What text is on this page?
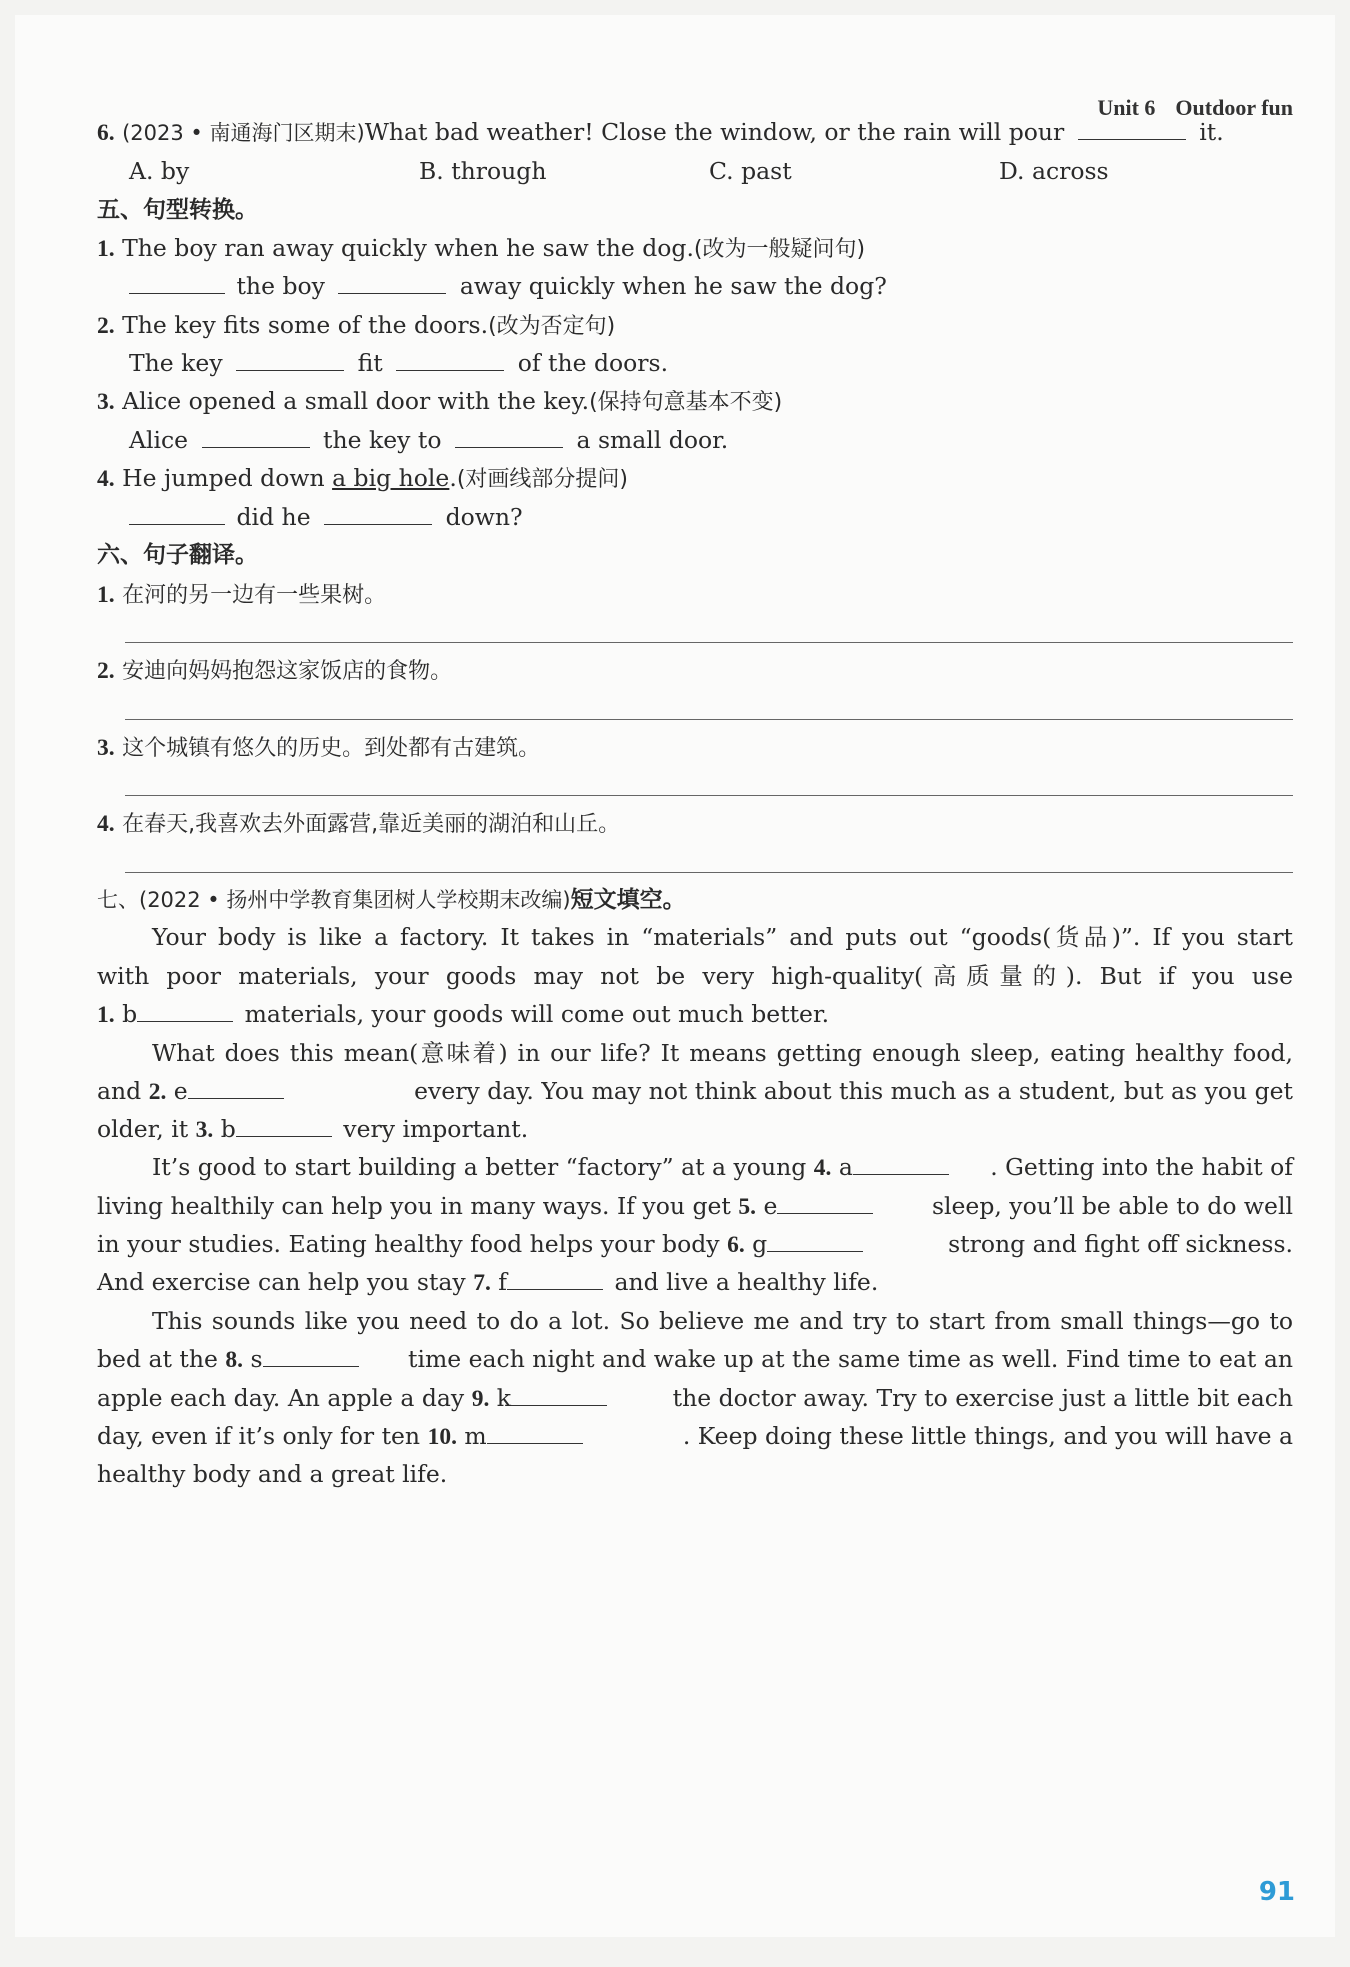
Unit 6 Outdoor fun
6. (2023 • 南通海门区期末)What bad weather! Close the window, or the rain will pour	it.
A. by	B. through	C. past	D. across
五、句型转换。
1. The boy ran away quickly when he saw the dog.(改为一般疑问句)
the boy	away quickly when he saw the dog?
2. The key fits some of the doors.(改为否定句)
The key	fit	of the doors.
3. Alice opened a small door with the key.(保持句意基本不变)
Alice	the key to	a small door.
4. He jumped down a big hole.(对画线部分提问)
did he	down?
六、句子翻译。
1. 在河的另一边有一些果树。
2. 安迪向妈妈抱怨这家饭店的食物。
3. 这个城镇有悠久的历史。到处都有古建筑。
4. 在春天,我喜欢去外面露营,靠近美丽的湖泊和山丘。
七、(2022 • 扬州中学教育集团树人学校期末改编)短文填空。
Your body is like a factory. It takes in “materials” and puts out “goods(货品)”. If you start
with poor materials, your goods may not be very high-quality(高质量的). But if you use
1. b	materials, your goods will come out much better.
What does this mean(意味着) in our life? It means getting enough sleep, eating healthy food,
and 2. e	every day. You may not think about this much as a student, but as you get
older, it 3. b	very important.
It’s good to start building a better “factory” at a young 4. a	. Getting into the habit of
living healthily can help you in many ways. If you get 5. e	sleep, you’ll be able to do well
in your studies. Eating healthy food helps your body 6. g	strong and fight off sickness.
And exercise can help you stay 7. f	and live a healthy life.
This sounds like you need to do a lot. So believe me and try to start from small things—go to
bed at the 8. s	time each night and wake up at the same time as well. Find time to eat an
apple each day. An apple a day 9. k	the doctor away. Try to exercise just a little bit each
day, even if it’s only for ten 10. m	. Keep doing these little things, and you will have a
healthy body and a great life.
91
